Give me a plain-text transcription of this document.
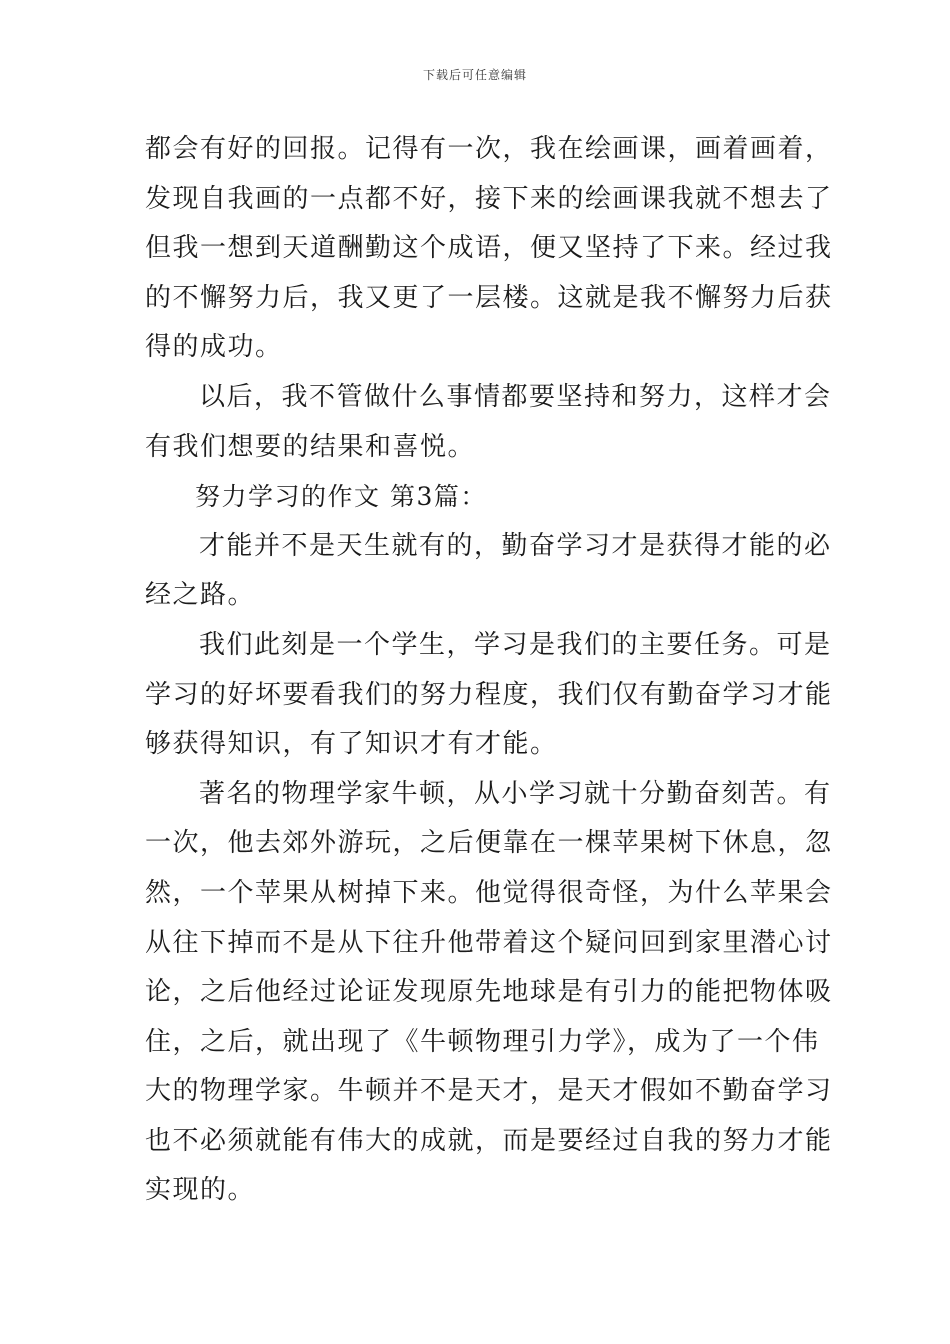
下载后可任意编辑
都会有好的回报。记得有一次，我在绘画课，画着画着，
发现自我画的一点都不好，接下来的绘画课我就不想去了
但我一想到天道酬勤这个成语，便又坚持了下来。经过我
的不懈努力后，我又更了一层楼。这就是我不懈努力后获
得的成功。
以后，我不管做什么事情都要坚持和努力，这样才会
有我们想要的结果和喜悦。
努力学习的作文 第3篇：
才能并不是天生就有的，勤奋学习才是获得才能的必
经之路。
我们此刻是一个学生，学习是我们的主要任务。可是
学习的好坏要看我们的努力程度，我们仅有勤奋学习才能
够获得知识，有了知识才有才能。
著名的物理学家牛顿，从小学习就十分勤奋刻苦。有
一次，他去郊外游玩，之后便靠在一棵苹果树下休息，忽
然，一个苹果从树掉下来。他觉得很奇怪，为什么苹果会
从往下掉而不是从下往升他带着这个疑问回到家里潜心讨
论，之后他经过论证发现原先地球是有引力的能把物体吸
住，之后，就出现了《牛顿物理引力学》，成为了一个伟
大的物理学家。牛顿并不是天才，是天才假如不勤奋学习
也不必须就能有伟大的成就，而是要经过自我的努力才能
实现的。
